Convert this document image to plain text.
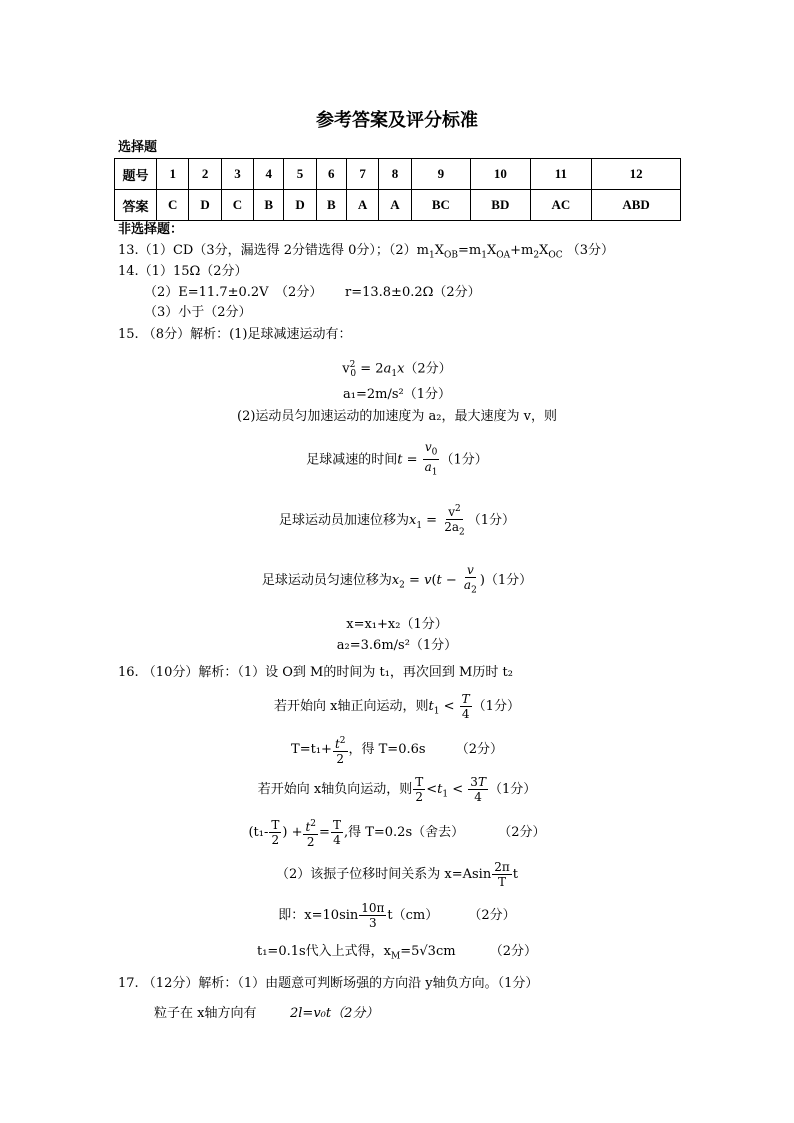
参考答案及评分标准
选择题
题号	1	2	3	4	5	6	7	8	9	10	11	12
答案	C	D	C	B	D	B	A	A	BC	BD	AC	ABD
非选择题：
13.（1）CD（3分，漏选得 2分错选得 0分）；$(2)m_1X_{OB}=m_1X_{OA}+m_2X_{OC}$ （3分）
14.（1）15Ω（2分）
（2）E=11.7±0.2V　（2分） r=13.8±0.2Ω（2分）
（3）小于（2分）
15. （8分）解析：(1)足球减速运动有：
$v^2_0 = 2a_1x(2$分）
a₁=2m/s²（1分）
(2)运动员匀加速运动的加速度为 a₂，最大速度为 v，则
足球减速的时间$t = \frac{v_0}{a_1} (1$分）
足球运动员加速位移为$x_1 = \frac{v^2}{2a_2} (1$分）
足球运动员匀速位移为$x_2 = v(t - \frac{v}{a_2} )(1$分）
x=x₁+x₂（1分）
a₂=3.6m/s²（1分）
16. （10分）解析：（1）设 O到 M的时间为 t₁，再次回到 M历时 t₂
若开始向 x轴正向运动，则$t_1 < \frac{T}{4} (1$分）
$T=t_1+ \frac{t^2}{2}$ ，得 T=0.6s （2分）
若开始向 x轴负向运动，则 $\frac{T}{2} <t_1 < \frac{3T}{4} (1$分）
($t_1- \frac{T}{2}$ ) + $\frac{t^2}{2} = \frac{T}{4}$ ,得 T=0.2s（舍去）	（2分）
（2）该振子位移时间关系为 $x=Asin \frac{2\pi}{T}$ t
即：$x=10\sin \frac{10\pi}{3} t(cm)$ （2分）
t₁=0.1s代入上式得，$x_M=5√3cm$	（2分）
17. （12分）解析：（1）由题意可判断场强的方向沿 y轴负方向。（1分）
粒子在 x轴方向有	2l=v₀t（2分）
